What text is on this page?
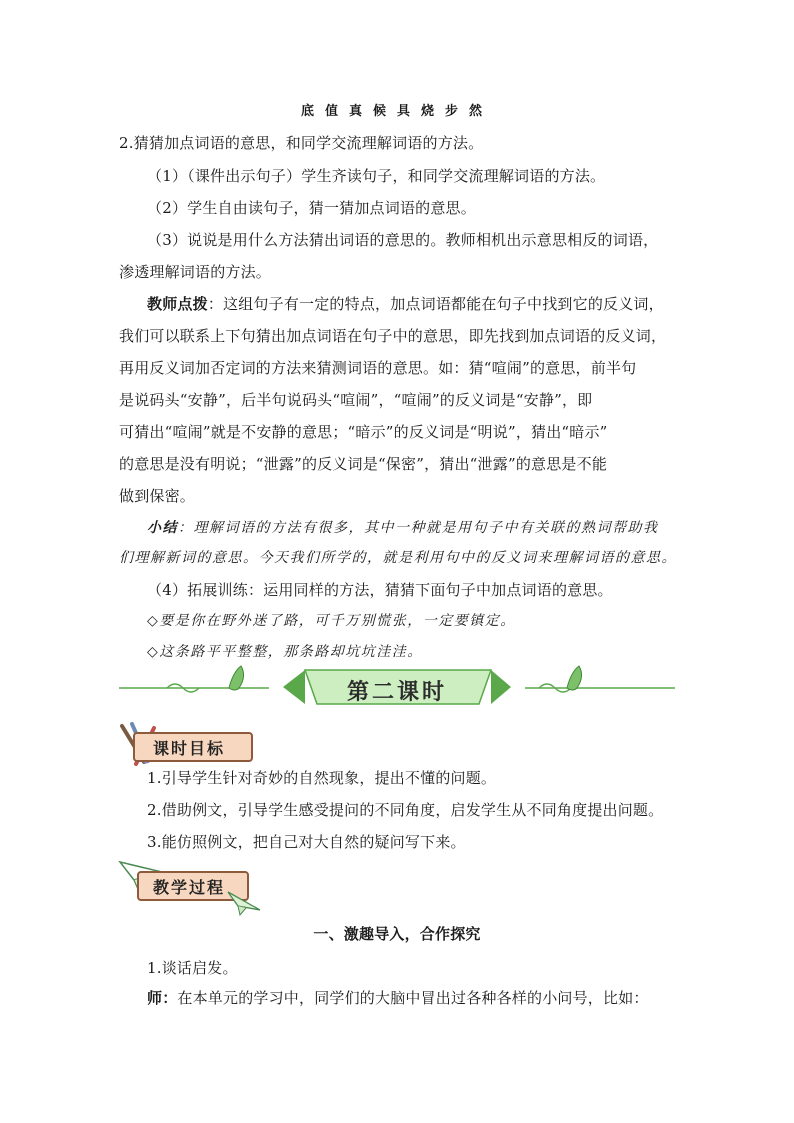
底值真候具烧步然
2.猜猜加点词语的意思，和同学交流理解词语的方法。
（1）（课件出示句子）学生齐读句子，和同学交流理解词语的方法。
（2）学生自由读句子，猜一猜加点词语的意思。
（3）说说是用什么方法猜出词语的意思的。教师相机出示意思相反的词语，
渗透理解词语的方法。
教师点拨：这组句子有一定的特点，加点词语都能在句子中找到它的反义词，
我们可以联系上下句猜出加点词语在句子中的意思，即先找到加点词语的反义词，
再用反义词加否定词的方法来猜测词语的意思。如：猜“喧闹”的意思，前半句
是说码头“安静”，后半句说码头“喧闹”，“喧闹”的反义词是“安静”，即
可猜出“喧闹”就是不安静的意思；“暗示”的反义词是“明说”，猜出“暗示”
的意思是没有明说；“泄露”的反义词是“保密”，猜出“泄露”的意思是不能
做到保密。
小结：理解词语的方法有很多，其中一种就是用句子中有关联的熟词帮助我
们理解新词的意思。今天我们所学的，就是利用句中的反义词来理解词语的意思。
（4）拓展训练：运用同样的方法，猜猜下面句子中加点词语的意思。
◇要是你在野外迷了路，可千万别慌张，一定要镇定。
◇这条路平平整整，那条路却坑坑洼洼。
第二课时
课时目标
1.引导学生针对奇妙的自然现象，提出不懂的问题。
2.借助例文，引导学生感受提问的不同角度，启发学生从不同角度提出问题。
3.能仿照例文，把自己对大自然的疑问写下来。
教学过程
一、激趣导入，合作探究
1.谈话启发。
师：在本单元的学习中，同学们的大脑中冒出过各种各样的小问号，比如：
